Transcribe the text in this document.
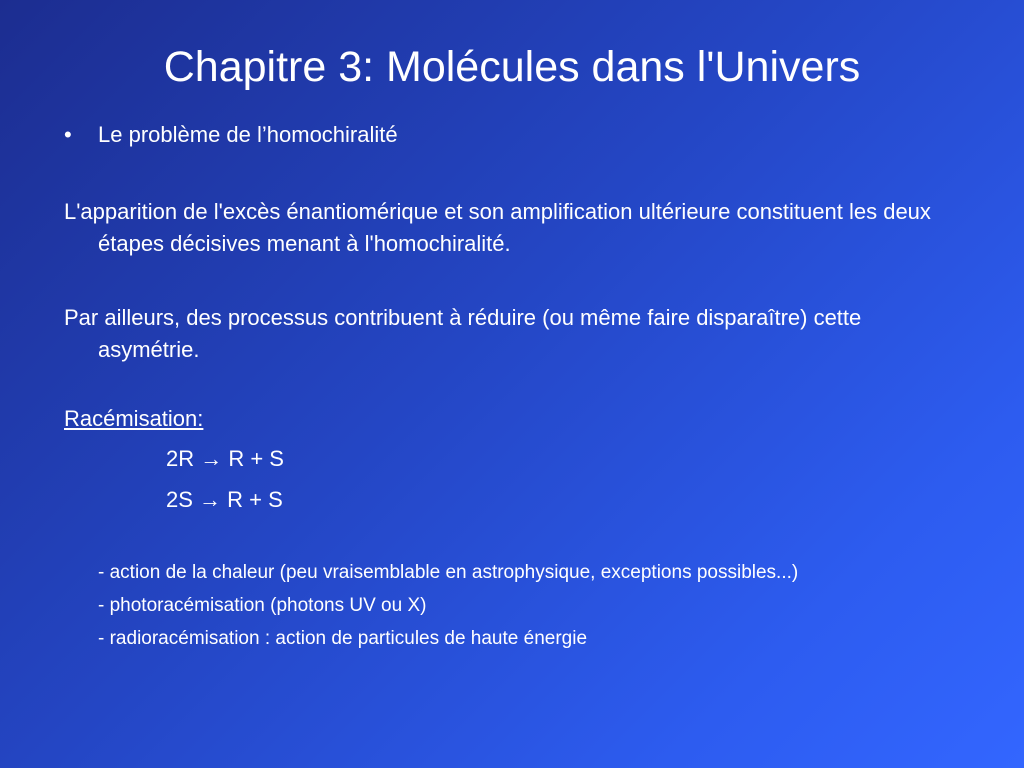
Chapitre 3: Molécules dans l'Univers
• Le problème de l’homochiralité
L'apparition de l'excès énantiomérique et son amplification ultérieure constituent les deux étapes décisives menant à l'homochiralité.
Par ailleurs, des processus contribuent à réduire (ou même faire disparaître) cette asymétrie.
Racémisation:
2R → R + S
2S → R + S
- action de la chaleur (peu vraisemblable en astrophysique, exceptions possibles...)
- photoracémisation (photons UV ou X)
- radioracémisation : action de particules de haute énergie
